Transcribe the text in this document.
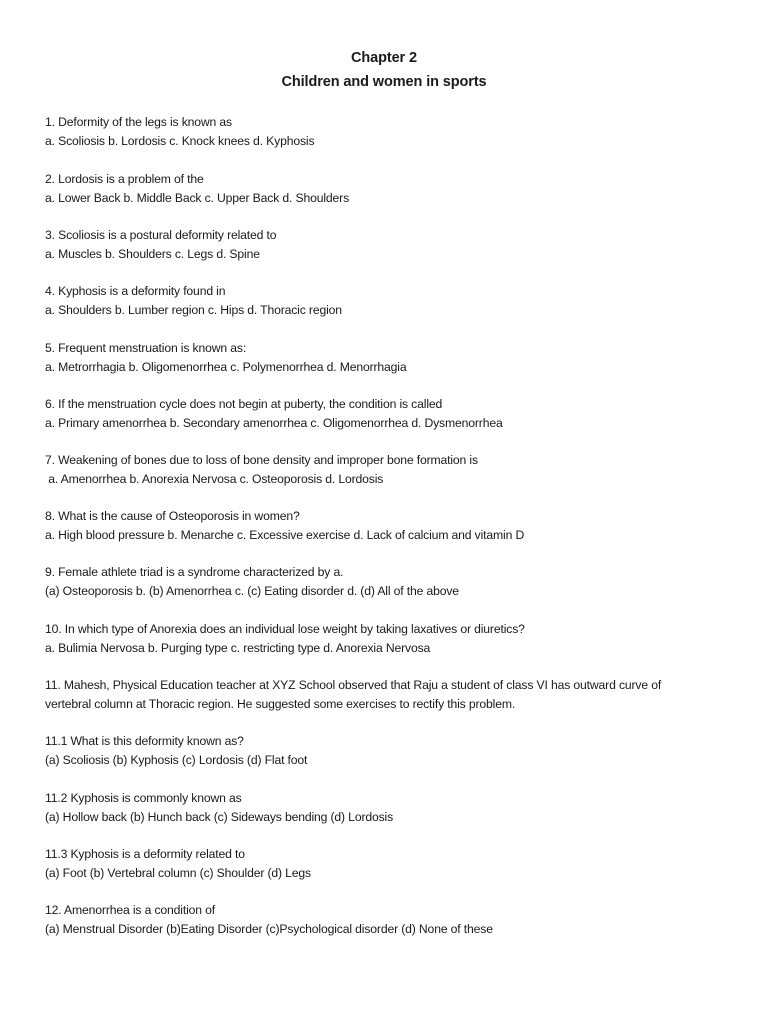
Chapter 2
Children and women in sports
1. Deformity of the legs is known as
a. Scoliosis b. Lordosis c. Knock knees d. Kyphosis
2. Lordosis is a problem of the
a. Lower Back b. Middle Back c. Upper Back d. Shoulders
3. Scoliosis is a postural deformity related to
a. Muscles b. Shoulders c. Legs d. Spine
4. Kyphosis is a deformity found in
a. Shoulders b. Lumber region c. Hips d. Thoracic region
5. Frequent menstruation is known as:
a. Metrorrhagia b. Oligomenorrhea c. Polymenorrhea d. Menorrhagia
6. If the menstruation cycle does not begin at puberty, the condition is called
a. Primary amenorrhea b. Secondary amenorrhea c. Oligomenorrhea d. Dysmenorrhea
7. Weakening of bones due to loss of bone density and improper bone formation is
a. Amenorrhea b. Anorexia Nervosa c. Osteoporosis d. Lordosis
8. What is the cause of Osteoporosis in women?
a. High blood pressure b. Menarche c. Excessive exercise d. Lack of calcium and vitamin D
9. Female athlete triad is a syndrome characterized by a.
(a) Osteoporosis b. (b) Amenorrhea c. (c) Eating disorder d. (d) All of the above
10. In which type of Anorexia does an individual lose weight by taking laxatives or diuretics?
a. Bulimia Nervosa b. Purging type c. restricting type d. Anorexia Nervosa
11. Mahesh, Physical Education teacher at XYZ School observed that Raju a student of class VI has outward curve of
vertebral column at Thoracic region. He suggested some exercises to rectify this problem.
11.1 What is this deformity known as?
(a) Scoliosis (b) Kyphosis (c) Lordosis (d) Flat foot
11.2 Kyphosis is commonly known as
(a) Hollow back (b) Hunch back (c) Sideways bending (d) Lordosis
11.3 Kyphosis is a deformity related to
(a) Foot (b) Vertebral column (c) Shoulder (d) Legs
12. Amenorrhea is a condition of
(a) Menstrual Disorder (b)Eating Disorder (c)Psychological disorder (d) None of these
